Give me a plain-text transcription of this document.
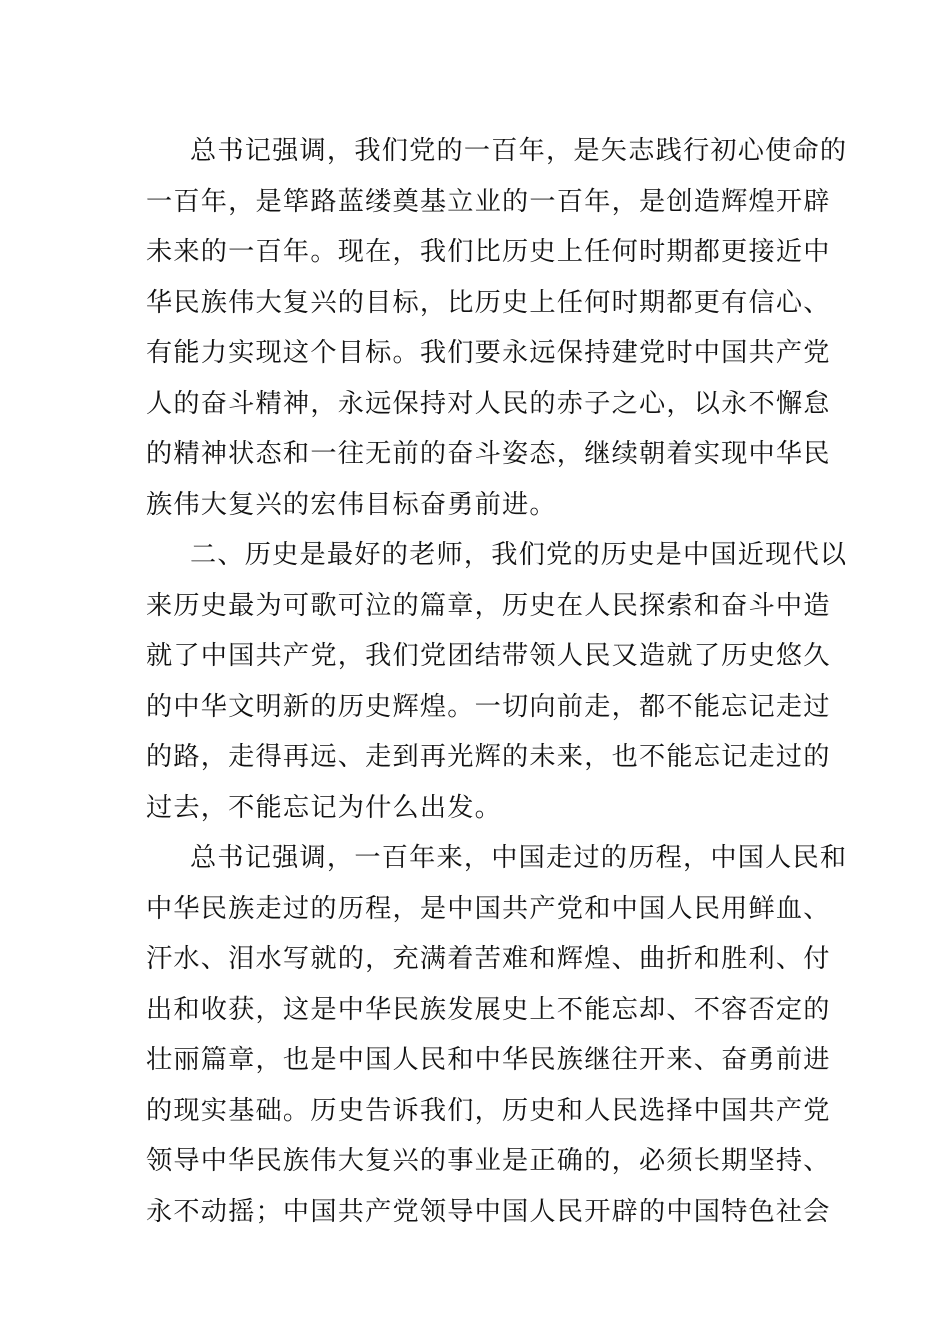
总书记强调，我们党的一百年，是矢志践行初心使命的
一百年，是筚路蓝缕奠基立业的一百年，是创造辉煌开辟
未来的一百年。现在，我们比历史上任何时期都更接近中
华民族伟大复兴的目标，比历史上任何时期都更有信心、
有能力实现这个目标。我们要永远保持建党时中国共产党
人的奋斗精神，永远保持对人民的赤子之心，以永不懈怠
的精神状态和一往无前的奋斗姿态，继续朝着实现中华民
族伟大复兴的宏伟目标奋勇前进。
二、历史是最好的老师，我们党的历史是中国近现代以
来历史最为可歌可泣的篇章，历史在人民探索和奋斗中造
就了中国共产党，我们党团结带领人民又造就了历史悠久
的中华文明新的历史辉煌。一切向前走，都不能忘记走过
的路，走得再远、走到再光辉的未来，也不能忘记走过的
过去，不能忘记为什么出发。
总书记强调，一百年来，中国走过的历程，中国人民和
中华民族走过的历程，是中国共产党和中国人民用鲜血、
汗水、泪水写就的，充满着苦难和辉煌、曲折和胜利、付
出和收获，这是中华民族发展史上不能忘却、不容否定的
壮丽篇章，也是中国人民和中华民族继往开来、奋勇前进
的现实基础。历史告诉我们，历史和人民选择中国共产党
领导中华民族伟大复兴的事业是正确的，必须长期坚持、
永不动摇；中国共产党领导中国人民开辟的中国特色社会
